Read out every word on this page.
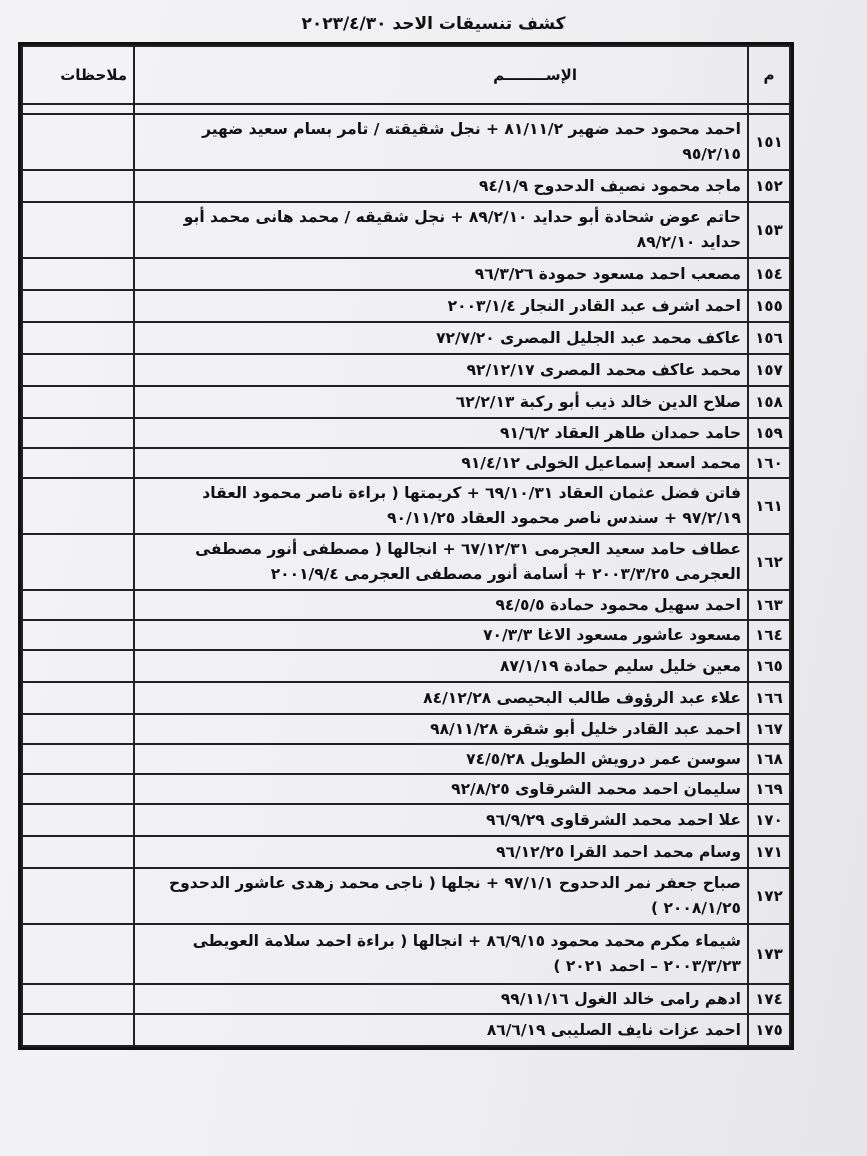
كشف تنسيقات الاحد ٢٠٢٣/٤/٣٠
م	الإســــــــم	ملاحظات

١٥١	احمد محمود حمد ضهير ٨١/١١/٢ + نجل شقيقته / تامر بسام سعيد ضهير ٩٥/٢/١٥	
١٥٢	ماجد محمود نصيف الدحدوح ٩٤/١/٩	
١٥٣	حاتم عوض شحادة أبو حدايد ٨٩/٢/١٠ + نجل شقيقه / محمد هانى محمد أبو حدايد ٨٩/٢/١٠	
١٥٤	مصعب احمد مسعود حمودة ٩٦/٣/٢٦	
١٥٥	احمد اشرف عبد القادر النجار ٢٠٠٣/١/٤	
١٥٦	عاكف محمد عبد الجليل المصرى ٧٢/٧/٢٠	
١٥٧	محمد عاكف محمد المصرى ٩٢/١٢/١٧	
١٥٨	صلاح الدين خالد ذيب أبو ركبة ٦٢/٢/١٣	
١٥٩	حامد حمدان طاهر العقاد ٩١/٦/٢	
١٦٠	محمد اسعد إسماعيل الخولى ٩١/٤/١٢	
١٦١	فاتن فضل عثمان العقاد ٦٩/١٠/٣١ + كريمتها ( براءة ناصر محمود العقاد ٩٧/٢/١٩ + سندس ناصر محمود العقاد ٩٠/١١/٢٥	
١٦٢	عطاف حامد سعيد العجرمى ٦٧/١٢/٣١ + انجالها ( مصطفى أنور مصطفى العجرمى ٢٠٠٣/٣/٢٥ + أسامة أنور مصطفى العجرمى ٢٠٠١/٩/٤	
١٦٣	احمد سهيل محمود حمادة ٩٤/٥/٥	
١٦٤	مسعود عاشور مسعود الاغا ٧٠/٣/٣	
١٦٥	معين خليل سليم حمادة ٨٧/١/١٩	
١٦٦	علاء عبد الرؤوف طالب البحيصى ٨٤/١٢/٢٨	
١٦٧	احمد عبد القادر خليل أبو شقرة ٩٨/١١/٢٨	
١٦٨	سوسن عمر درويش الطويل ٧٤/٥/٢٨	
١٦٩	سليمان احمد محمد الشرقاوى ٩٢/٨/٢٥	
١٧٠	علا احمد محمد الشرقاوى ٩٦/٩/٢٩	
١٧١	وسام محمد احمد القرا ٩٦/١٢/٢٥	
١٧٢	صباح جعفر نمر الدحدوح ٩٧/١/١ + نجلها ( ناجى محمد زهدى عاشور الدحدوح ٢٠٠٨/١/٢٥ )	
١٧٣	شيماء مكرم محمد محمود ٨٦/٩/١٥ + انجالها ( براءة احمد سلامة العويطى ٢٠٠٣/٣/٢٣ – احمد ٢٠٢١ )	
١٧٤	ادهم رامى خالد الغول ٩٩/١١/١٦	
١٧٥	احمد عزات نايف الصليبى ٨٦/٦/١٩	
